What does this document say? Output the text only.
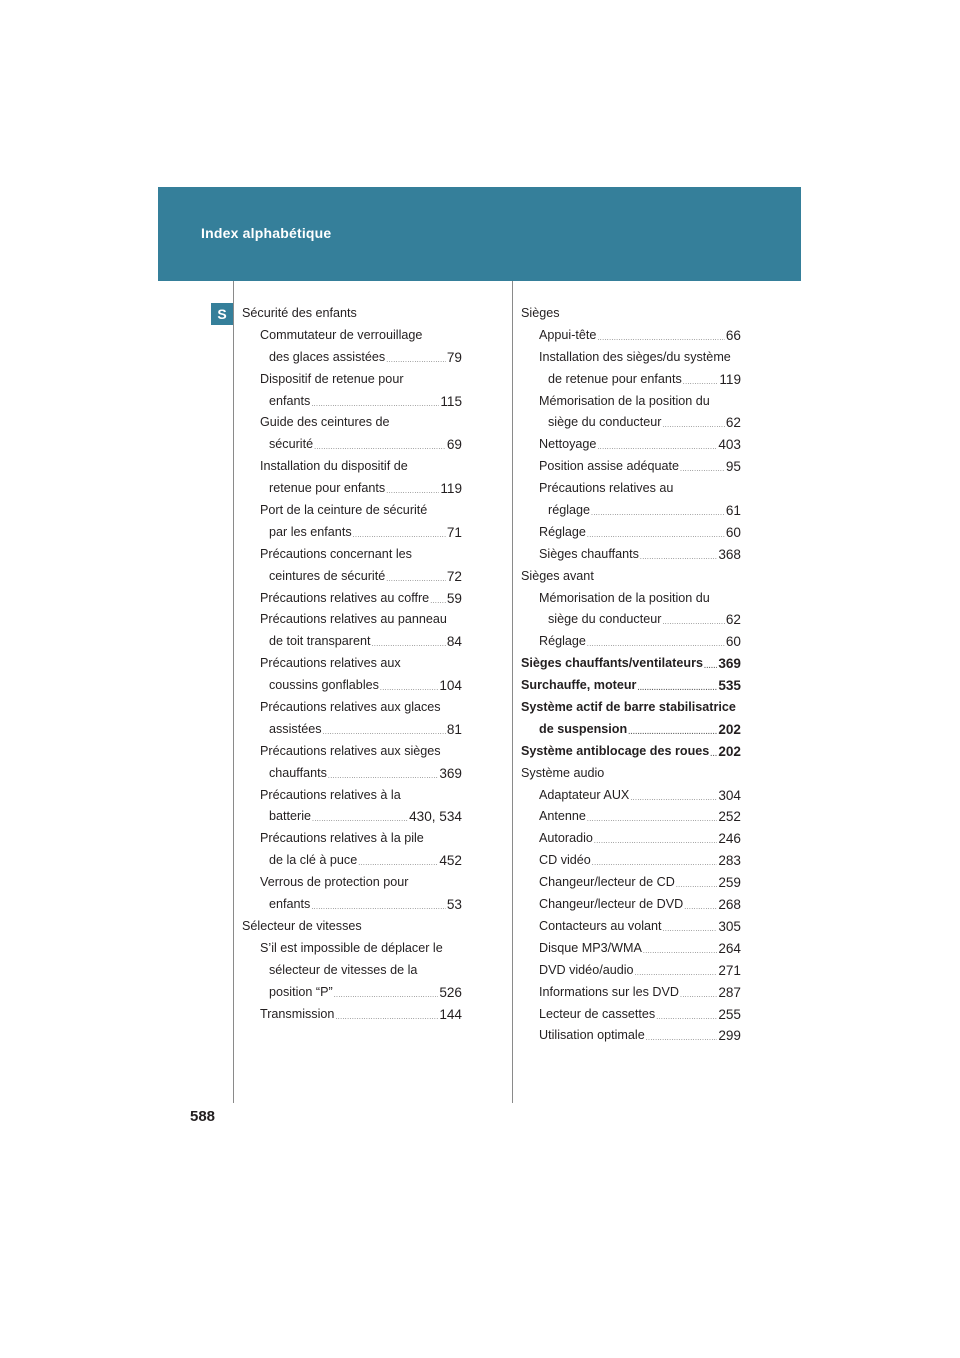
Index alphabétique
S	Sécurité des enfants
Commutateur de verrouillage
des glaces assistées .....	79
Dispositif de retenue pour
enfants .....	115
Guide des ceintures de
sécurité .....	69
Installation du dispositif de
retenue pour enfants .....	119
Port de la ceinture de sécurité
par les enfants .....	71
Précautions concernant les
ceintures de sécurité .....	72
Précautions relatives au coffre ..... 59
Précautions relatives au panneau
de toit transparent .....	84
Précautions relatives aux
coussins gonflables .....	104
Précautions relatives aux glaces
assistées .....	81
Précautions relatives aux sièges
chauffants .....	369
Précautions relatives à la
batterie .....	430, 534
Précautions relatives à la pile
de la clé à puce .....	452
Verrous de protection pour
enfants .....	53
Sélecteur de vitesses
S’il est impossible de déplacer le
sélecteur de vitesses de la
position “P” .....	526
Transmission .....	144
Sièges
Appui-tête .....	66
Installation des sièges/du système
de retenue pour enfants .....	119
Mémorisation de la position du
siège du conducteur .....	62
Nettoyage .....	403
Position assise adéquate .....	95
Précautions relatives au
réglage .....	61
Réglage .....	60
Sièges chauffants .....	368
Sièges avant
Mémorisation de la position du
siège du conducteur .....	62
Réglage .....	60
Sièges chauffants/ventilateurs ..... 369
Surchauffe, moteur .....	535
Système actif de barre stabilisatrice
de suspension .....	202
Système antiblocage des roues ..... 202
Système audio
Adaptateur AUX .....	304
Antenne .....	252
Autoradio .....	246
CD vidéo .....	283
Changeur/lecteur de CD .....	259
Changeur/lecteur de DVD .....	268
Contacteurs au volant .....	305
Disque MP3/WMA .....	264
DVD vidéo/audio .....	271
Informations sur les DVD .....	287
Lecteur de cassettes .....	255
Utilisation optimale .....	299
588
